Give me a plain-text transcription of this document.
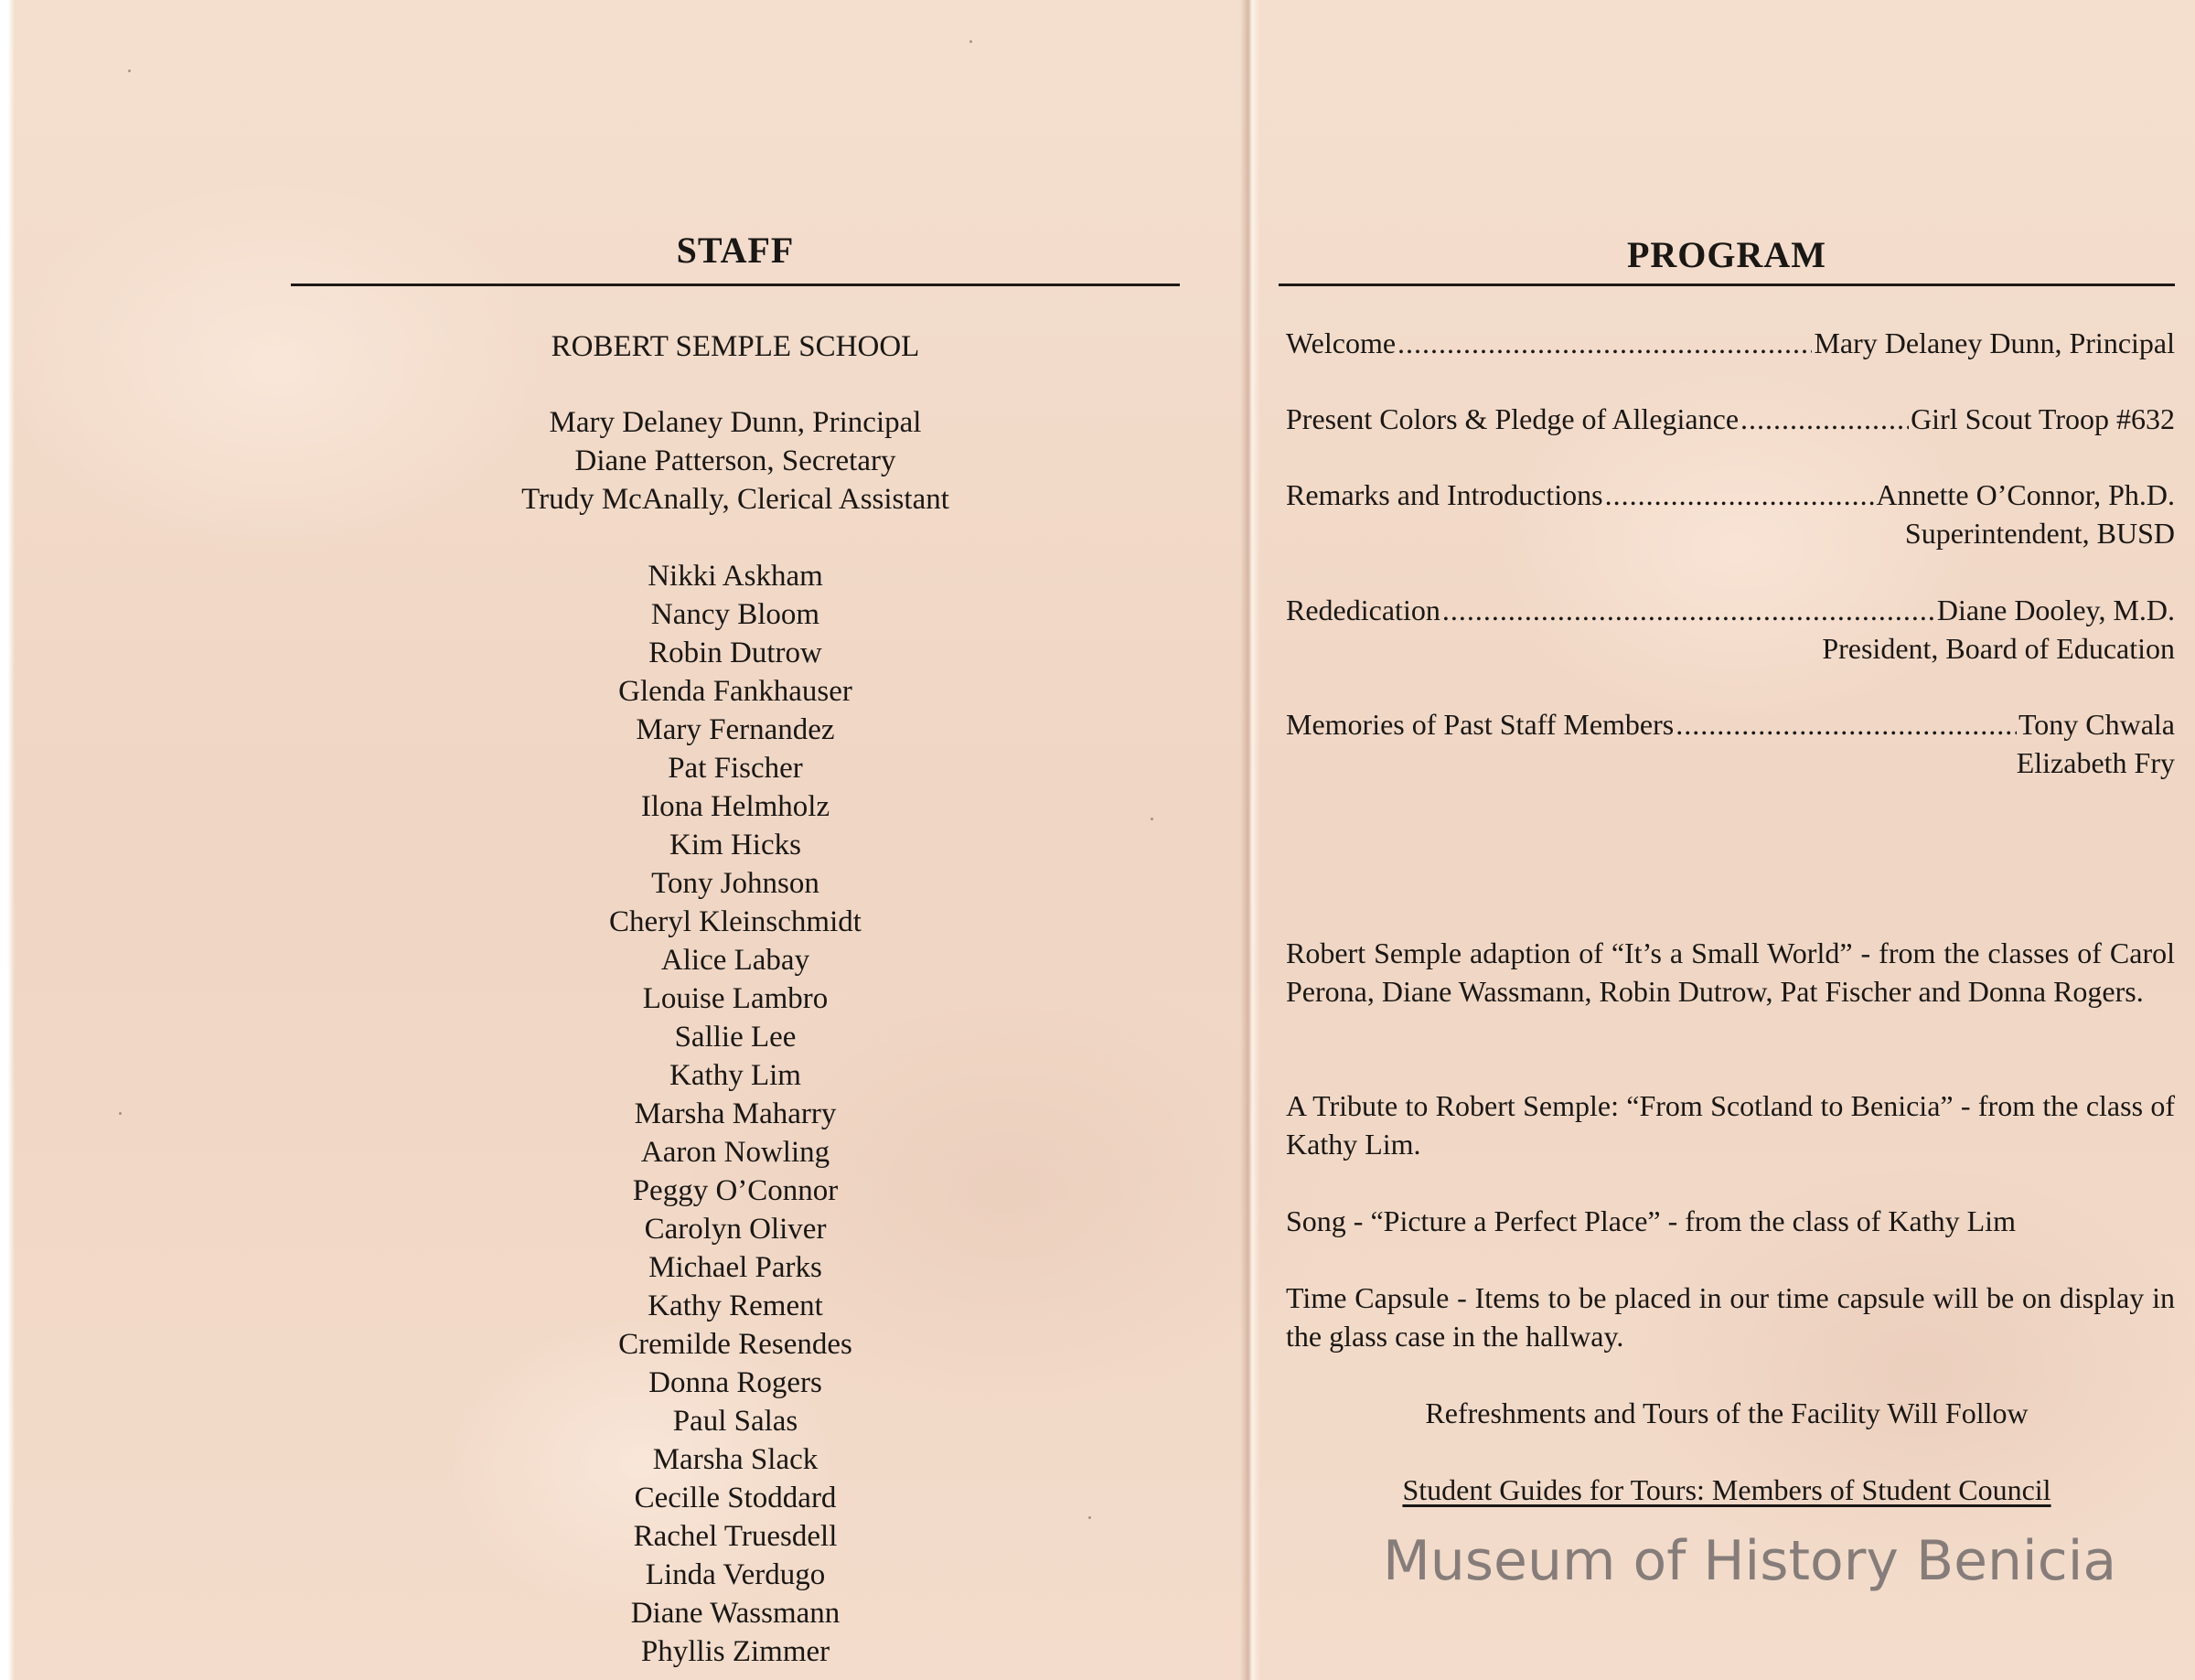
STAFF
ROBERT SEMPLE SCHOOL
Mary Delaney Dunn, Principal
Diane Patterson, Secretary
Trudy McAnally, Clerical Assistant
Nikki Askham
Nancy Bloom
Robin Dutrow
Glenda Fankhauser
Mary Fernandez
Pat Fischer
Ilona Helmholz
Kim Hicks
Tony Johnson
Cheryl Kleinschmidt
Alice Labay
Louise Lambro
Sallie Lee
Kathy Lim
Marsha Maharry
Aaron Nowling
Peggy O’Connor
Carolyn Oliver
Michael Parks
Kathy Rement
Cremilde Resendes
Donna Rogers
Paul Salas
Marsha Slack
Cecille Stoddard
Rachel Truesdell
Linda Verdugo
Diane Wassmann
Phyllis Zimmer
PROGRAM
Welcome .....	Mary Delaney Dunn, Principal
Present Colors & Pledge of Allegiance .....	Girl Scout Troop #632
Remarks and Introductions .....	Annette O’Connor, Ph.D.
Superintendent, BUSD
Rededication .....	Diane Dooley, M.D.
President, Board of Education
Memories of Past Staff Members .....	Tony Chwala
Elizabeth Fry
Robert Semple adaption of “It’s a Small World” - from the classes of Carol Perona, Diane Wassmann, Robin Dutrow, Pat Fischer and Donna Rogers.
A Tribute to Robert Semple: “From Scotland to Benicia” - from the class of Kathy Lim.
Song - “Picture a Perfect Place” - from the class of Kathy Lim
Time Capsule - Items to be placed in our time capsule will be on display in the glass case in the hallway.
Refreshments and Tours of the Facility Will Follow
Student Guides for Tours: Members of Student Council
Museum of History Benicia
